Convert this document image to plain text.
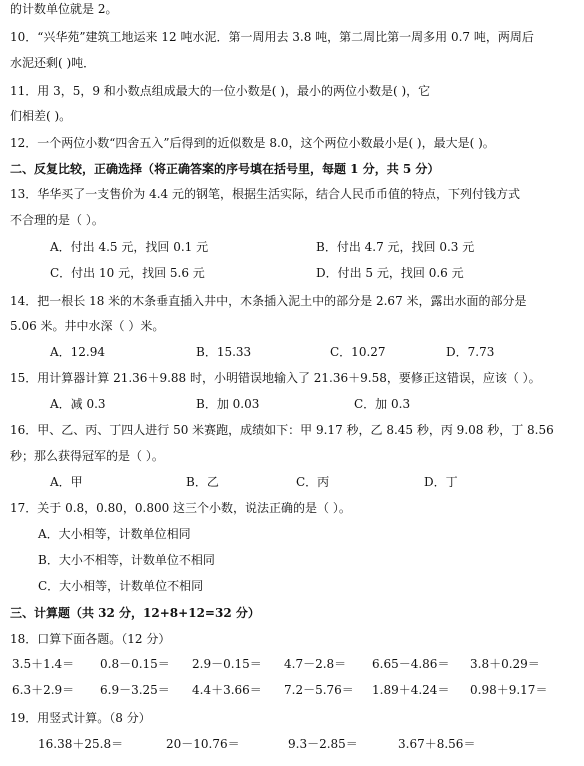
的计数单位就是 2。
10．“兴华苑”建筑工地运来 12 吨水泥．第一周用去 3.8 吨，第二周比第一周多用 0.7 吨，两周后
水泥还剩( )吨．
11．用 3，5，9 和小数点组成最大的一位小数是( )，最小的两位小数是( )，它
们相差( )。
12．一个两位小数“四舍五入”后得到的近似数是 8.0，这个两位小数最小是( )，最大是( )。
二、反复比较，正确选择（将正确答案的序号填在括号里，每题 1 分，共 5 分）
13．华华买了一支售价为 4.4 元的钢笔，根据生活实际，结合人民币币值的特点，下列付钱方式
不合理的是（ ）。
A．付出 4.5 元，找回 0.1 元	B．付出 4.7 元，找回 0.3 元
C．付出 10 元，找回 5.6 元	D．付出 5 元，找回 0.6 元
14．把一根长 18 米的木条垂直插入井中，木条插入泥土中的部分是 2.67 米，露出水面的部分是
5.06 米。井中水深（ ）米。
A．12.94	B．15.33	C．10.27	D．7.73
15．用计算器计算 21.36＋9.88 时，小明错误地输入了 21.36＋9.58，要修正这错误，应该（ ）。
A．减 0.3	B．加 0.03	C．加 0.3
16．甲、乙、丙、丁四人进行 50 米赛跑，成绩如下：甲 9.17 秒，乙 8.45 秒，丙 9.08 秒，丁 8.56
秒；那么获得冠军的是（ ）。
A．甲	B．乙	C．丙	D．丁
17．关于 0.8，0.80，0.800 这三个小数，说法正确的是（ ）。
A．大小相等，计数单位相同
B．大小不相等，计数单位不相同
C．大小相等，计数单位不相同
三、计算题（共 32 分，12+8+12=32 分）
18．口算下面各题。（12 分）
3.5＋1.4＝ 0.8－0.15＝ 2.9－0.15＝ 4.7－2.8＝ 6.65－4.86＝ 3.8＋0.29＝
6.3＋2.9＝ 6.9－3.25＝ 4.4＋3.66＝ 7.2－5.76＝ 1.89＋4.24＝ 0.98＋9.17＝
19．用竖式计算。（8 分）
16.38＋25.8＝	20－10.76＝	9.3－2.85＝	3.67＋8.56＝
